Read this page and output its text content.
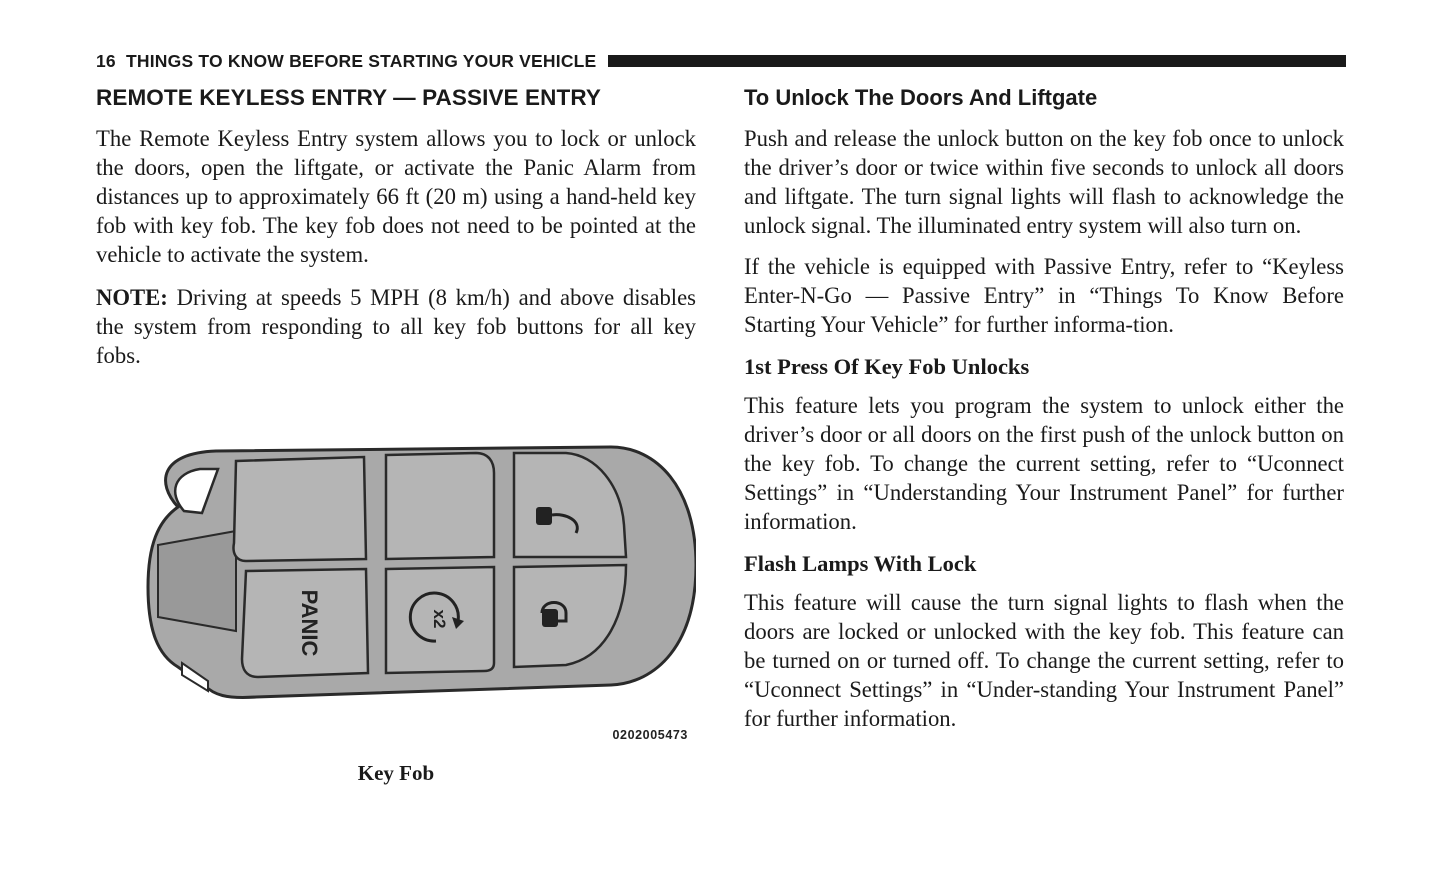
16 THINGS TO KNOW BEFORE STARTING YOUR VEHICLE
REMOTE KEYLESS ENTRY — PASSIVE ENTRY

The Remote Keyless Entry system allows you to lock or unlock the doors, open the liftgate, or activate the Panic Alarm from distances up to approximately 66 ft (20 m) using a hand-held key fob with key fob. The key fob does not need to be pointed at the vehicle to activate the system.

NOTE: Driving at speeds 5 MPH (8 km/h) and above disables the system from responding to all key fob buttons for all key fobs.

PANIC	x2
0202005473
Key Fob
To Unlock The Doors And Liftgate

Push and release the unlock button on the key fob once to unlock the driver’s door or twice within five seconds to unlock all doors and liftgate. The turn signal lights will flash to acknowledge the unlock signal. The illuminated entry system will also turn on.

If the vehicle is equipped with Passive Entry, refer to “Keyless Enter-N-Go — Passive Entry” in “Things To Know Before Starting Your Vehicle” for further informa-tion.

1st Press Of Key Fob Unlocks

This feature lets you program the system to unlock either the driver’s door or all doors on the first push of the unlock button on the key fob. To change the current setting, refer to “Uconnect Settings” in “Understanding Your Instrument Panel” for further information.

Flash Lamps With Lock

This feature will cause the turn signal lights to flash when the doors are locked or unlocked with the key fob. This feature can be turned on or turned off. To change the current setting, refer to “Uconnect Settings” in “Under-standing Your Instrument Panel” for further information.
